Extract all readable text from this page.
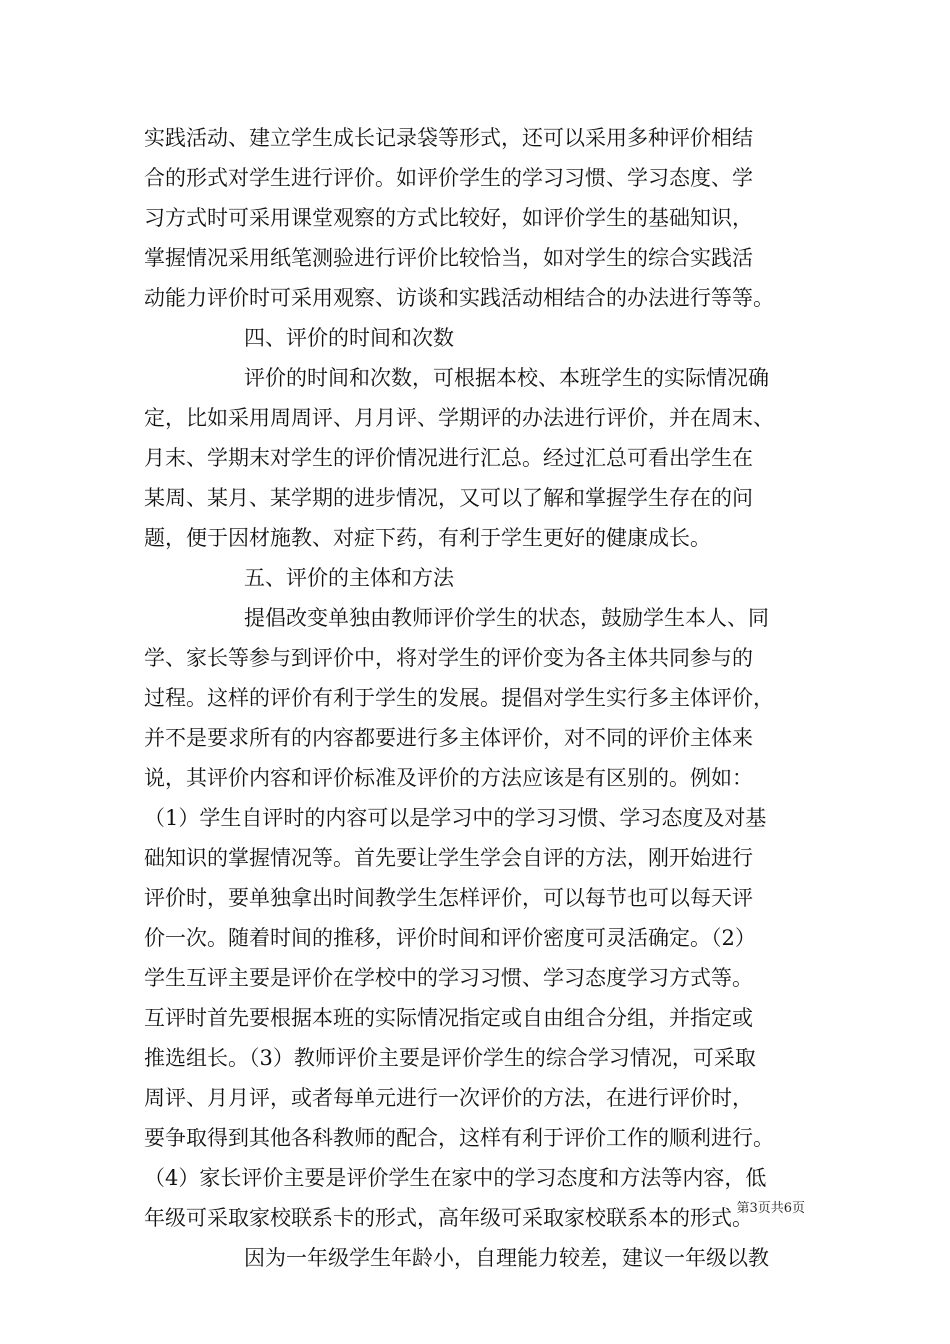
实践活动、建立学生成长记录袋等形式，还可以采用多种评价相结
合的形式对学生进行评价。如评价学生的学习习惯、学习态度、学
习方式时可采用课堂观察的方式比较好，如评价学生的基础知识，
掌握情况采用纸笔测验进行评价比较恰当，如对学生的综合实践活
动能力评价时可采用观察、访谈和实践活动相结合的办法进行等等。
四、评价的时间和次数
评价的时间和次数，可根据本校、本班学生的实际情况确
定，比如采用周周评、月月评、学期评的办法进行评价，并在周末、
月末、学期末对学生的评价情况进行汇总。经过汇总可看出学生在
某周、某月、某学期的进步情况，又可以了解和掌握学生存在的问
题，便于因材施教、对症下药，有利于学生更好的健康成长。
五、评价的主体和方法
提倡改变单独由教师评价学生的状态，鼓励学生本人、同
学、家长等参与到评价中，将对学生的评价变为各主体共同参与的
过程。这样的评价有利于学生的发展。提倡对学生实行多主体评价，
并不是要求所有的内容都要进行多主体评价，对不同的评价主体来
说，其评价内容和评价标准及评价的方法应该是有区别的。例如：
（1）学生自评时的内容可以是学习中的学习习惯、学习态度及对基
础知识的掌握情况等。首先要让学生学会自评的方法，刚开始进行
评价时，要单独拿出时间教学生怎样评价，可以每节也可以每天评
价一次。随着时间的推移，评价时间和评价密度可灵活确定。（2）
学生互评主要是评价在学校中的学习习惯、学习态度学习方式等。
互评时首先要根据本班的实际情况指定或自由组合分组，并指定或
推选组长。（3）教师评价主要是评价学生的综合学习情况，可采取
周评、月月评，或者每单元进行一次评价的方法，在进行评价时，
要争取得到其他各科教师的配合，这样有利于评价工作的顺利进行。
（4）家长评价主要是评价学生在家中的学习态度和方法等内容，低
年级可采取家校联系卡的形式，高年级可采取家校联系本的形式。
因为一年级学生年龄小，自理能力较差，建议一年级以教
第3页共6页
